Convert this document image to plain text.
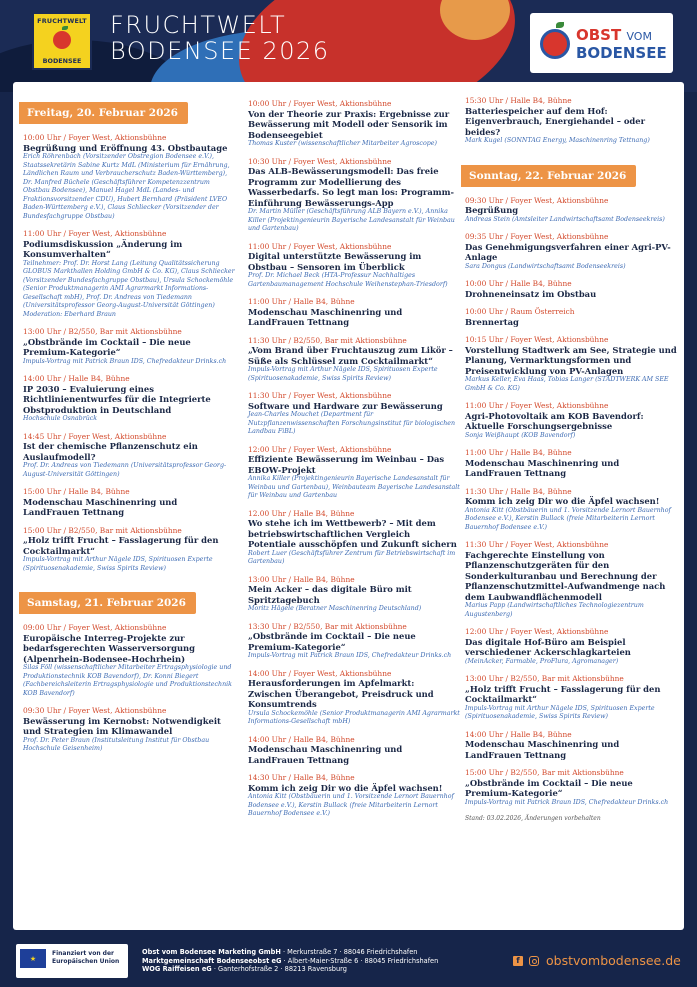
FRUCHTWELT
BODENSEE
FRUCHTWELT
BODENSEE 2026
OBST VOM
BODENSEE
Freitag, 20. Februar 2026
10:00 Uhr / Foyer West, Aktionsbühne
Begrüßung und Eröffnung 43. Obstbautage
Erich Röhrenbach (Vorsitzender Obstregion Bodensee e.V.), Staatssekretärin Sabine Kurtz MdL (Ministerium für Ernährung, Ländlichen Raum und Verbraucherschutz Baden-Württemberg), Dr. Manfred Büchele (Geschäftsführer Kompetenzzentrum Obstbau Bodensee), Manuel Hagel MdL (Landes- und Fraktionsvorsitzender CDU), Hubert Bernhard (Präsident LVEO Baden-Württemberg e.V.), Claus Schliecker (Vorsitzender der Bundesfachgruppe Obstbau)
11:00 Uhr / Foyer West, Aktionsbühne
Podiumsdiskussion „Änderung im Konsumverhalten“
Teilnehmer: Prof. Dr. Horst Lang (Leitung Qualitätssicherung GLOBUS Markthallen Holding GmbH & Co. KG), Claus Schliecker (Vorsitzender Bundesfachgruppe Obstbau), Ursula Schockemöhle (Senior Produktmanagerin AMI Agrarmarkt Informations-Gesellschaft mbH), Prof. Dr. Andreas von Tiedemann (Universitätsprofessor Georg-August-Universität Göttingen) Moderation: Eberhard Braun
13:00 Uhr / B2/550, Bar mit Aktionsbühne
„Obstbrände im Cocktail – Die neue Premium-Kategorie“
Impuls-Vortrag mit Patrick Braun IDS, Chefredakteur Drinks.ch
14:00 Uhr / Halle B4, Bühne
IP 2030 – Evaluierung eines Richtlinienentwurfes für die Integrierte Obstproduktion in Deutschland
Hochschule Osnabrück
14:45 Uhr / Foyer West, Aktionsbühne
Ist der chemische Pflanzenschutz ein Auslaufmodell?
Prof. Dr. Andreas von Tiedemann (Universitätsprofessor Georg-August-Universität Göttingen)
15:00 Uhr / Halle B4, Bühne
Modenschau Maschinenring und LandFrauen Tettnang
15:00 Uhr / B2/550, Bar mit Aktionsbühne
„Holz trifft Frucht – Fasslagerung für den Cocktailmarkt“
Impuls-Vortrag mit Arthur Nägele IDS, Spirituosen Experte (Spirituosenakademie, Swiss Spirits Review)
Samstag, 21. Februar 2026
09:00 Uhr / Foyer West, Aktionsbühne
Europäische Interreg-Projekte zur bedarfsgerechten Wasserversorgung (Alpenrhein-Bodensee-Hochrhein)
Silas Föll (wissenschaftlicher Mitarbeiter Ertragsphysiologie und Produktionstechnik KOB Bavendorf), Dr. Konni Biegert (Fachbereichsleiterin Ertragsphysiologie und Produktionstechnik KOB Bavendorf)
09:30 Uhr / Foyer West, Aktionsbühne
Bewässerung im Kernobst: Notwendigkeit und Strategien im Klimawandel
Prof. Dr. Peter Braun (Institutsleitung Institut für Obstbau Hochschule Geisenheim)
10:00 Uhr / Foyer West, Aktionsbühne
Von der Theorie zur Praxis: Ergebnisse zur Bewässerung mit Modell oder Sensorik im Bodenseegebiet
Thomas Kuster (wissenschaftlicher Mitarbeiter Agroscope)
10:30 Uhr / Foyer West, Aktionsbühne
Das ALB-Bewässerungsmodell: Das freie Programm zur Modellierung des Wasserbedarfs. So legt man los: Programm-Einführung Bewässerungs-App
Dr. Martin Müller (Geschäftsführung ALB Bayern e.V.), Annika Killer (Projektingenieurin Bayerische Landesanstalt für Weinbau und Gartenbau)
11:00 Uhr / Foyer West, Aktionsbühne
Digital unterstützte Bewässerung im Obstbau – Sensoren im Überblick
Prof. Dr. Michael Beck (HTA-Professur Nachhaltiges Gartenbaumanagement Hochschule Weihenstephan-Triesdorf)
11:00 Uhr / Halle B4, Bühne
Modenschau Maschinenring und LandFrauen Tettnang
11:30 Uhr / B2/550, Bar mit Aktionsbühne
„Vom Brand über Fruchtauszug zum Likör – Süße als Schlüssel zum Cocktailmarkt“
Impuls-Vortrag mit Arthur Nägele IDS, Spirituosen Experte (Spirituosenakademie, Swiss Spirits Review)
11:30 Uhr / Foyer West, Aktionsbühne
Software und Hardware zur Bewässerung
Jean-Charles Mouchet (Department für Nutzpflanzenwissenschaften Forschungsinstitut für biologischen Landbau FiBL)
12:00 Uhr / Foyer West, Aktionsbühne
Effiziente Bewässerung im Weinbau – Das EBOW-Projekt
Annika Killer (Projektingenieurin Bayerische Landesanstalt für Weinbau und Gartenbau), Weinbauteam Bayerische Landesanstalt für Weinbau und Gartenbau
12.00 Uhr / Halle B4, Bühne
Wo stehe ich im Wettbewerb? – Mit dem betriebswirtschaftlichen Vergleich Potentiale ausschöpfen und Zukunft sichern
Robert Luer (Geschäftsführer Zentrum für Betriebswirtschaft im Gartenbau)
13:00 Uhr / Halle B4, Bühne
Mein Acker – das digitale Büro mit Spritztagebuch
Moritz Hägele (Beratner Maschinenring Deutschland)
13:30 Uhr / B2/550, Bar mit Aktionsbühne
„Obstbrände im Cocktail – Die neue Premium-Kategorie“
Impuls-Vortrag mit Patrick Braun IDS, Chefredakteur Drinks.ch
14:00 Uhr / Foyer West, Aktionsbühne
Herausforderungen im Apfelmarkt: Zwischen Überangebot, Preisdruck und Konsumtrends
Ursula Schockemöhle (Senior Produktmanagerin AMI Agrarmarkt Informations-Gesellschaft mbH)
14:00 Uhr / Halle B4, Bühne
Modenschau Maschinenring und LandFrauen Tettnang
14:30 Uhr / Halle B4, Bühne
Komm ich zeig Dir wo die Äpfel wachsen!
Antonia Kitt (Obstbäuerin und 1. Vorsitzende Lernort Bauernhof Bodensee e.V.), Kerstin Bullack (freie Mitarbeiterin Lernort Bauernhof Bodensee e.V.)
15:30 Uhr / Halle B4, Bühne
Batteriespeicher auf dem Hof: Eigenverbrauch, Energiehandel – oder beides?
Mark Kugel (SONNTAG Energy, Maschinenring Tettnang)
Sonntag, 22. Februar 2026
09:30 Uhr / Foyer West, Aktionsbühne
Begrüßung
Andreas Stein (Amtsleiter Landwirtschaftsamt Bodenseekreis)
09:35 Uhr / Foyer West, Aktionsbühne
Das Genehmigungsverfahren einer Agri-PV-Anlage
Sara Dongus (Landwirtschaftsamt Bodenseekreis)
10:00 Uhr / Halle B4, Bühne
Drohneneinsatz im Obstbau
10:00 Uhr / Raum Österreich
Brennertag
10:15 Uhr / Foyer West, Aktionsbühne
Vorstellung Stadtwerk am See, Strategie und Planung, Vermarktungsformen und Preisentwicklung von PV-Anlagen
Markus Keller, Eva Haas, Tobias Langer (STADTWERK AM SEE GmbH & Co. KG)
11:00 Uhr / Foyer West, Aktionsbühne
Agri-Photovoltaik am KOB Bavendorf: Aktuelle Forschungsergebnisse
Sonja Weißhaupt (KOB Bavendorf)
11:00 Uhr / Halle B4, Bühne
Modenschau Maschinenring und LandFrauen Tettnang
11:30 Uhr / Halle B4, Bühne
Komm ich zeig Dir wo die Äpfel wachsen!
Antonia Kitt (Obstbäuerin und 1. Vorsitzende Lernort Bauernhof Bodensee e.V.), Kerstin Bullack (freie Mitarbeiterin Lernort Bauernhof Bodensee e.V.)
11:30 Uhr / Foyer West, Aktionsbühne
Fachgerechte Einstellung von Pflanzenschutzgeräten für den Sonderkulturanbau und Berechnung der Pflanzenschutzmittel-Aufwandmenge nach dem Laubwandflächenmodell
Marius Papp (Landwirtschaftliches Technologiezentrum Augustenberg)
12:00 Uhr / Foyer West, Aktionsbühne
Das digitale Hof-Büro am Beispiel verschiedener Ackerschlagkarteien
(MeinAcker, Farmable, ProFlura, Agromanager)
13:00 Uhr / B2/550, Bar mit Aktionsbühne
„Holz trifft Frucht – Fasslagerung für den Cocktailmarkt“
Impuls-Vortrag mit Arthur Nägele IDS, Spirituosen Experte (Spirituosenakademie, Swiss Spirits Review)
14:00 Uhr / Halle B4, Bühne
Modenschau Maschinenring und LandFrauen Tettnang
15:00 Uhr / B2/550, Bar mit Aktionsbühne
„Obstbrände im Cocktail – Die neue Premium-Kategorie“
Impuls-Vortrag mit Patrick Braun IDS, Chefredakteur Drinks.ch
Stand: 03.02.2026, Änderungen vorbehalten
★
Finanziert von der
Europäischen Union
Obst vom Bodensee Marketing GmbH · Merkurstraße 7 · 88046 Friedrichshafen
Marktgemeinschaft Bodenseeobst eG · Albert-Maier-Straße 6 · 88045 Friedrichshafen
WOG Raiffeisen eG · Ganterhofstraße 2 · 88213 Ravensburg
f obstvombodensee.de
